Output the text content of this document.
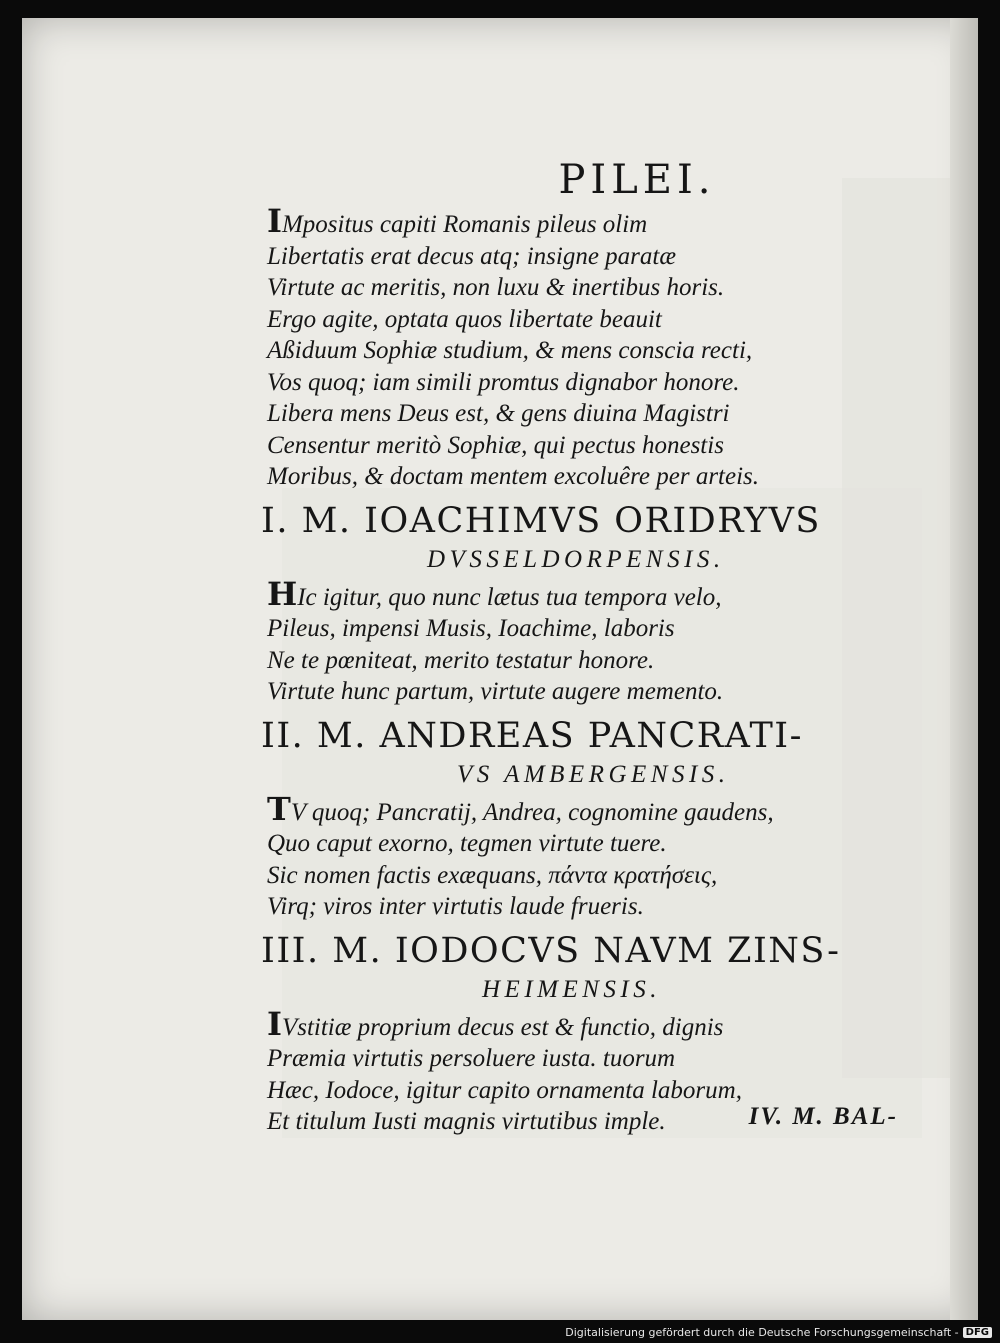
PILEI.

IMpositus capiti Romanis pileus olim

Libertatis erat decus atq; insigne paratæ

Virtute ac meritis, non luxu & inertibus horis.

Ergo agite, optata quos libertate beauit

Aßiduum Sophiæ studium, & mens conscia recti,

Vos quoq; iam simili promtus dignabor honore.

Libera mens Deus est, & gens diuina Magistri

Censentur meritò Sophiæ, qui pectus honestis

Moribus, & doctam mentem excoluêre per arteis.

I. M. IOACHIMVS ORIDRYVS
DVSSELDORPENSIS.

HIc igitur, quo nunc lætus tua tempora velo,

Pileus, impensi Musis, Ioachime, laboris

Ne te pœniteat, merito testatur honore.

Virtute hunc partum, virtute augere memento.

II. M. ANDREAS PANCRATI-
VS AMBERGENSIS.

TV quoq; Pancratij, Andrea, cognomine gaudens,

Quo caput exorno, tegmen virtute tuere.

Sic nomen factis exæquans, πάντα κρατήσεις,

Virq; viros inter virtutis laude frueris.

III. M. IODOCVS NAVM ZINS-
HEIMENSIS.

IVstitiæ proprium decus est & functio, dignis

Præmia virtutis persoluere iusta. tuorum

Hæc, Iodoce, igitur capito ornamenta laborum,

Et titulum Iusti magnis virtutibus imple.	IV. M. BAL-
Digitalisierung gefördert durch die Deutsche Forschungsgemeinschaft - DFG
